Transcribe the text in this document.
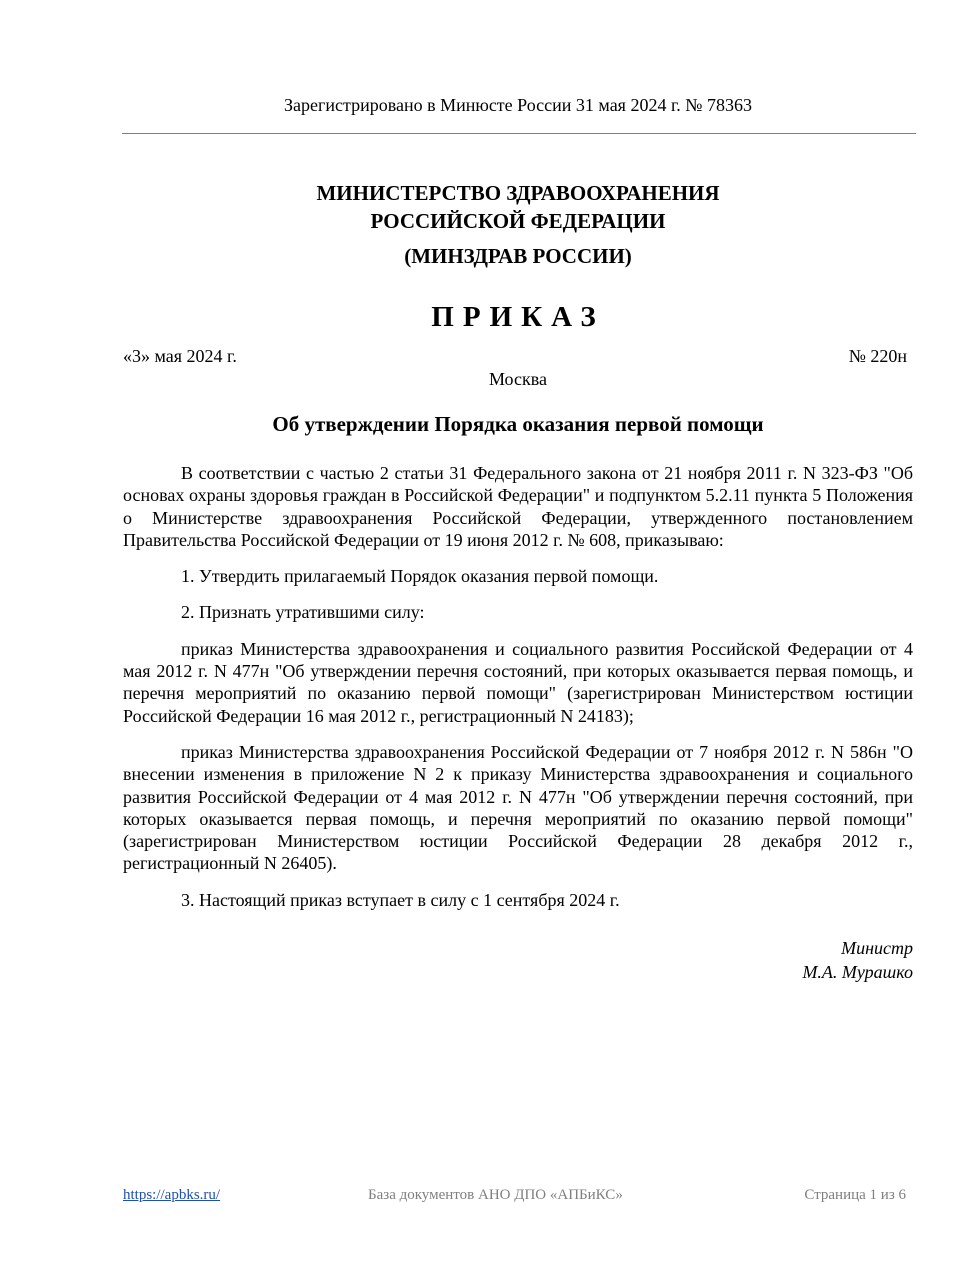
Зарегистрировано в Минюсте России 31 мая 2024 г. № 78363
МИНИСТЕРСТВО ЗДРАВООХРАНЕНИЯ
РОССИЙСКОЙ ФЕДЕРАЦИИ
(МИНЗДРАВ РОССИИ)
ПРИКАЗ
«3» мая 2024 г.	№ 220н
Москва
Об утверждении Порядка оказания первой помощи

В соответствии с частью 2 статьи 31 Федерального закона от 21 ноября 2011 г. N 323-ФЗ "Об основах охраны здоровья граждан в Российской Федерации" и подпунктом 5.2.11 пункта 5 Положения о Министерстве здравоохранения Российской Федерации, утвержденного постановлением Правительства Российской Федерации от 19 июня 2012 г. № 608, приказываю:

1. Утвердить прилагаемый Порядок оказания первой помощи.

2. Признать утратившими силу:

приказ Министерства здравоохранения и социального развития Российской Федерации от 4 мая 2012 г. N 477н "Об утверждении перечня состояний, при которых оказывается первая помощь, и перечня мероприятий по оказанию первой помощи" (зарегистрирован Министерством юстиции Российской Федерации 16 мая 2012 г., регистрационный N 24183);

приказ Министерства здравоохранения Российской Федерации от 7 ноября 2012 г. N 586н "О внесении изменения в приложение N 2 к приказу Министерства здравоохранения и социального развития Российской Федерации от 4 мая 2012 г. N 477н "Об утверждении перечня состояний, при которых оказывается первая помощь, и перечня мероприятий по оказанию первой помощи" (зарегистрирован Министерством юстиции Российской Федерации 28 декабря 2012 г., регистрационный N 26405).

3. Настоящий приказ вступает в силу с 1 сентября 2024 г.

Министр
М.А. Мурашко
https://apbks.ru/	База документов АНО ДПО «АПБиКС»	Страница 1 из 6
